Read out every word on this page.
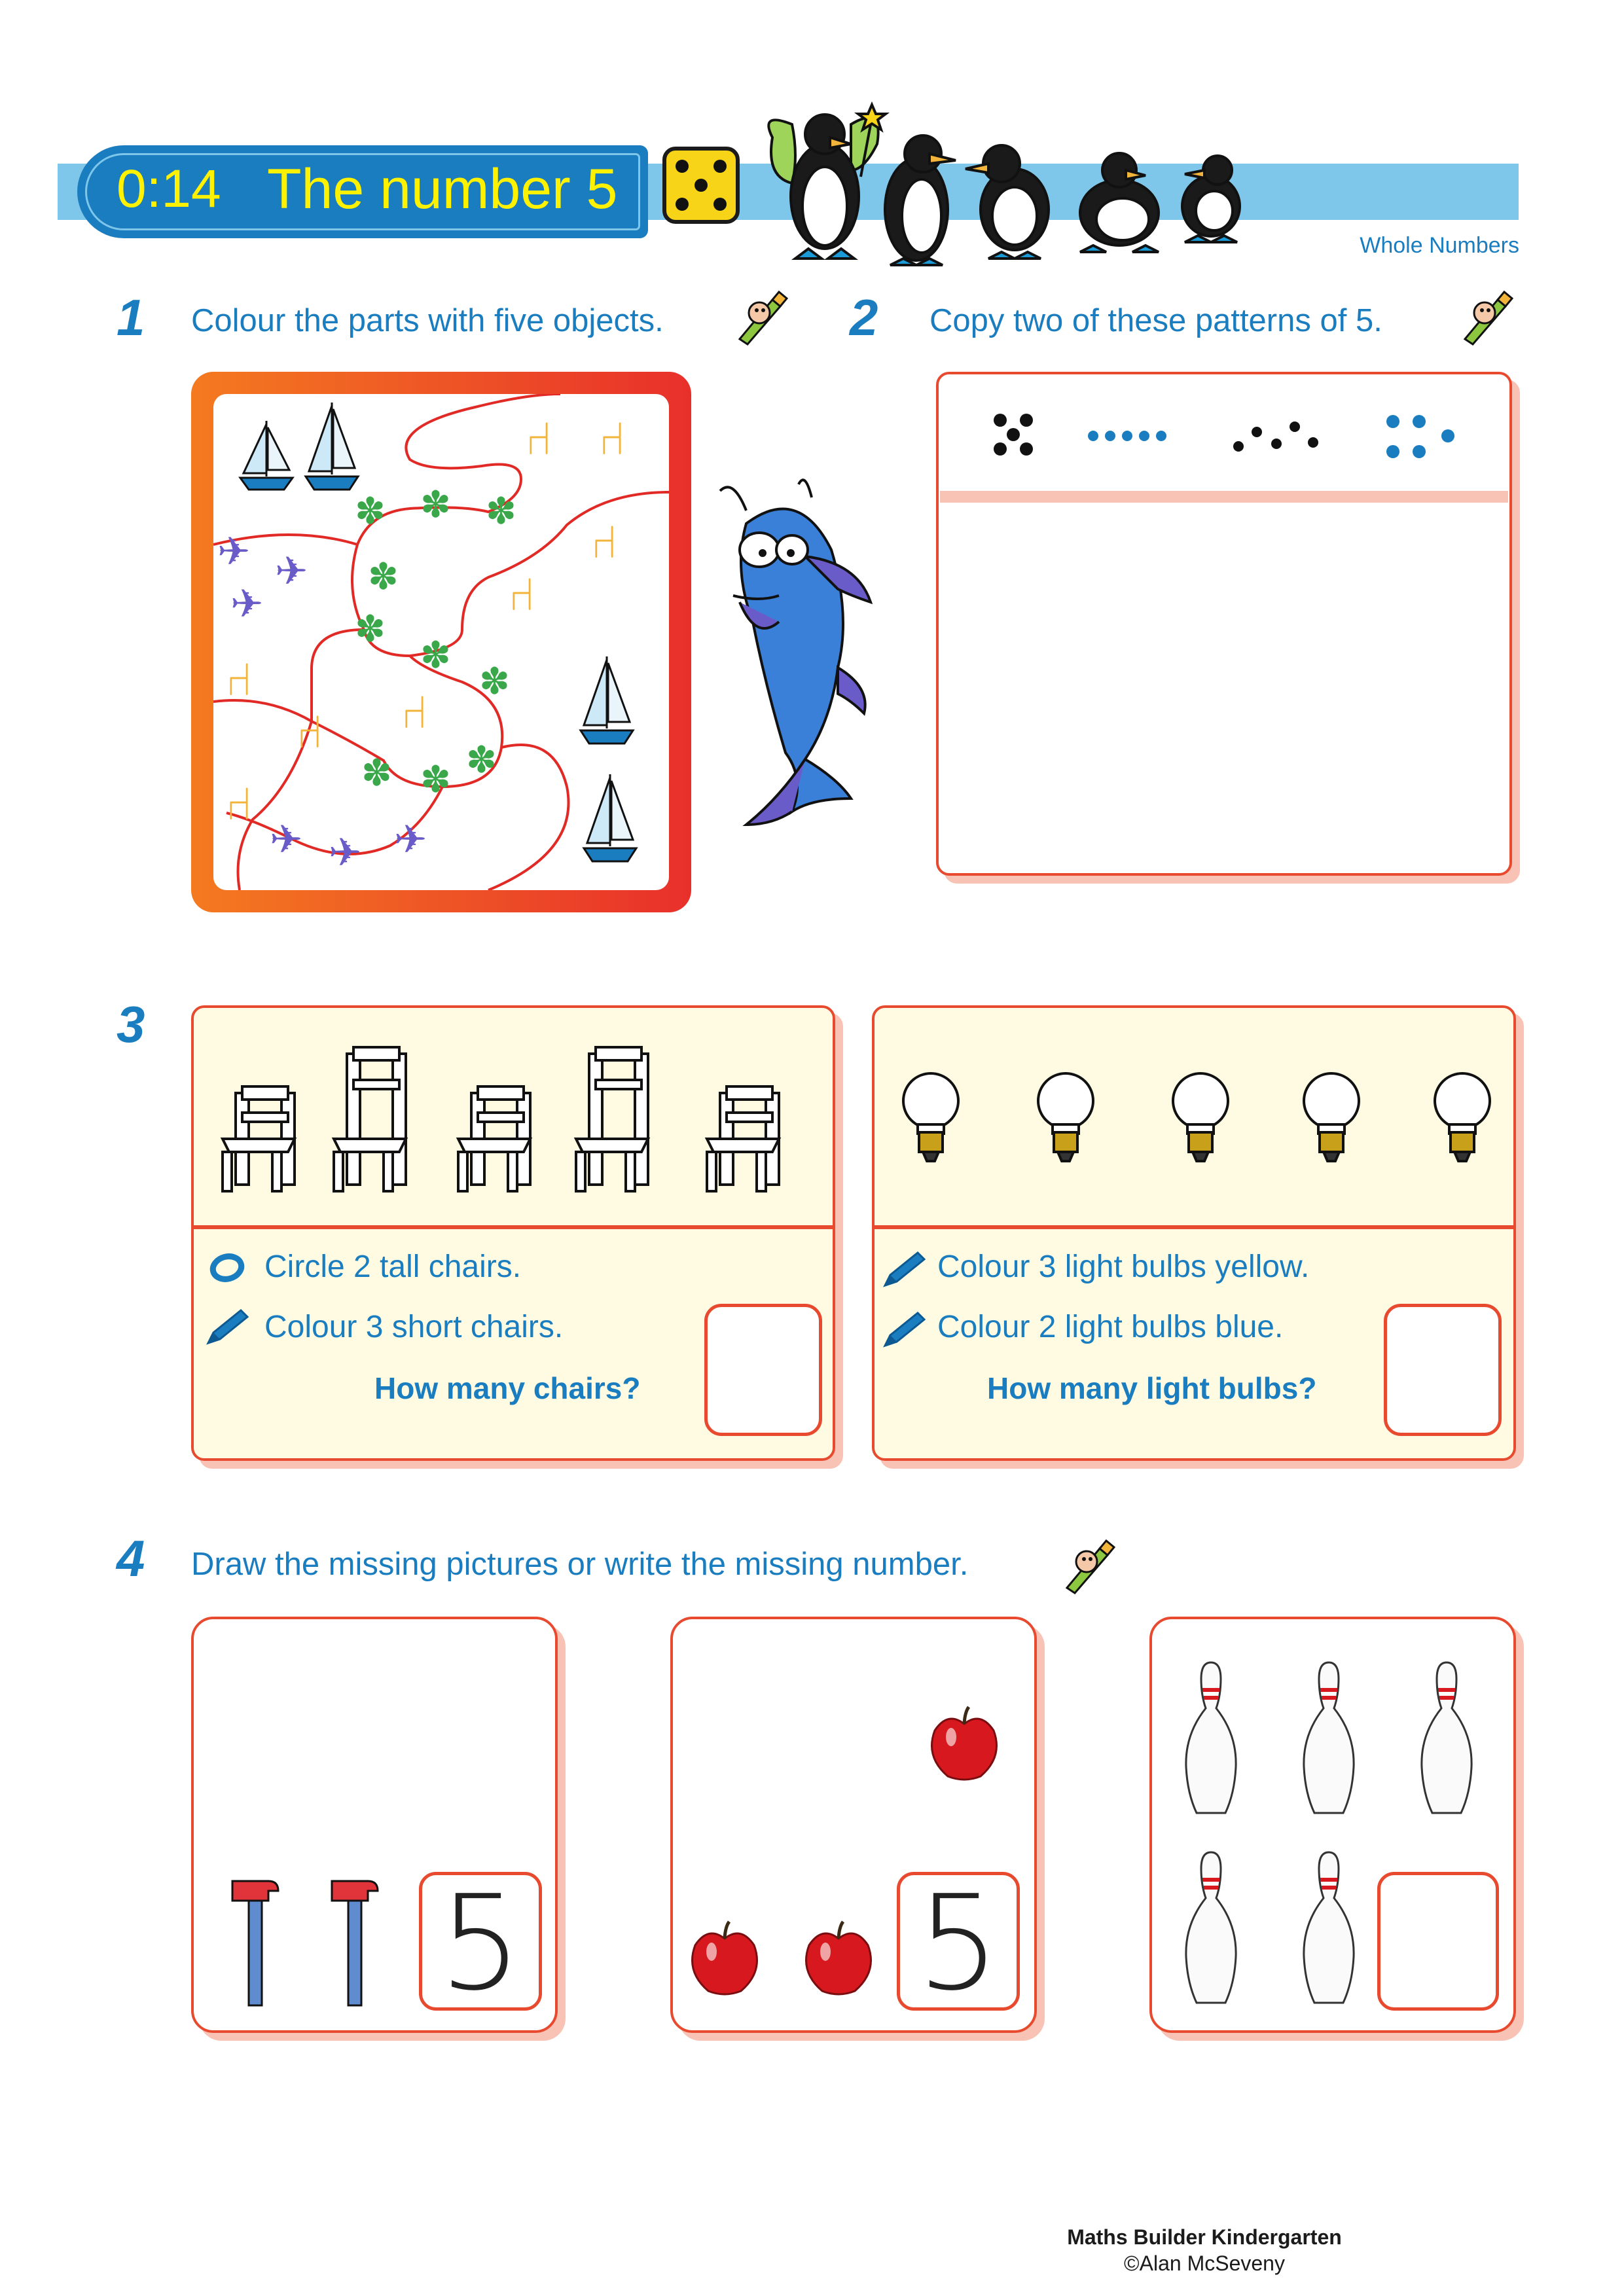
0:14 The number 5
Whole Numbers
1 Colour the parts with five objects.
⑁ ⑁
⑁
⑁
⑁
⑁ ⑁
⑁
✽ ✽ ✽
✽
✽
✽
✽
✽ ✽ ✽
✈ ✈
✈
✈ ✈ ✈
2 Copy two of these patterns of 5.
3
Circle 2 tall chairs.
Colour 3 short chairs.
How many chairs?
Colour 3 light bulbs yellow.
Colour 2 light bulbs blue.
How many light bulbs?
4 Draw the missing pictures or write the missing number.
5	5
Maths Builder Kindergarten
©Alan McSeveny
